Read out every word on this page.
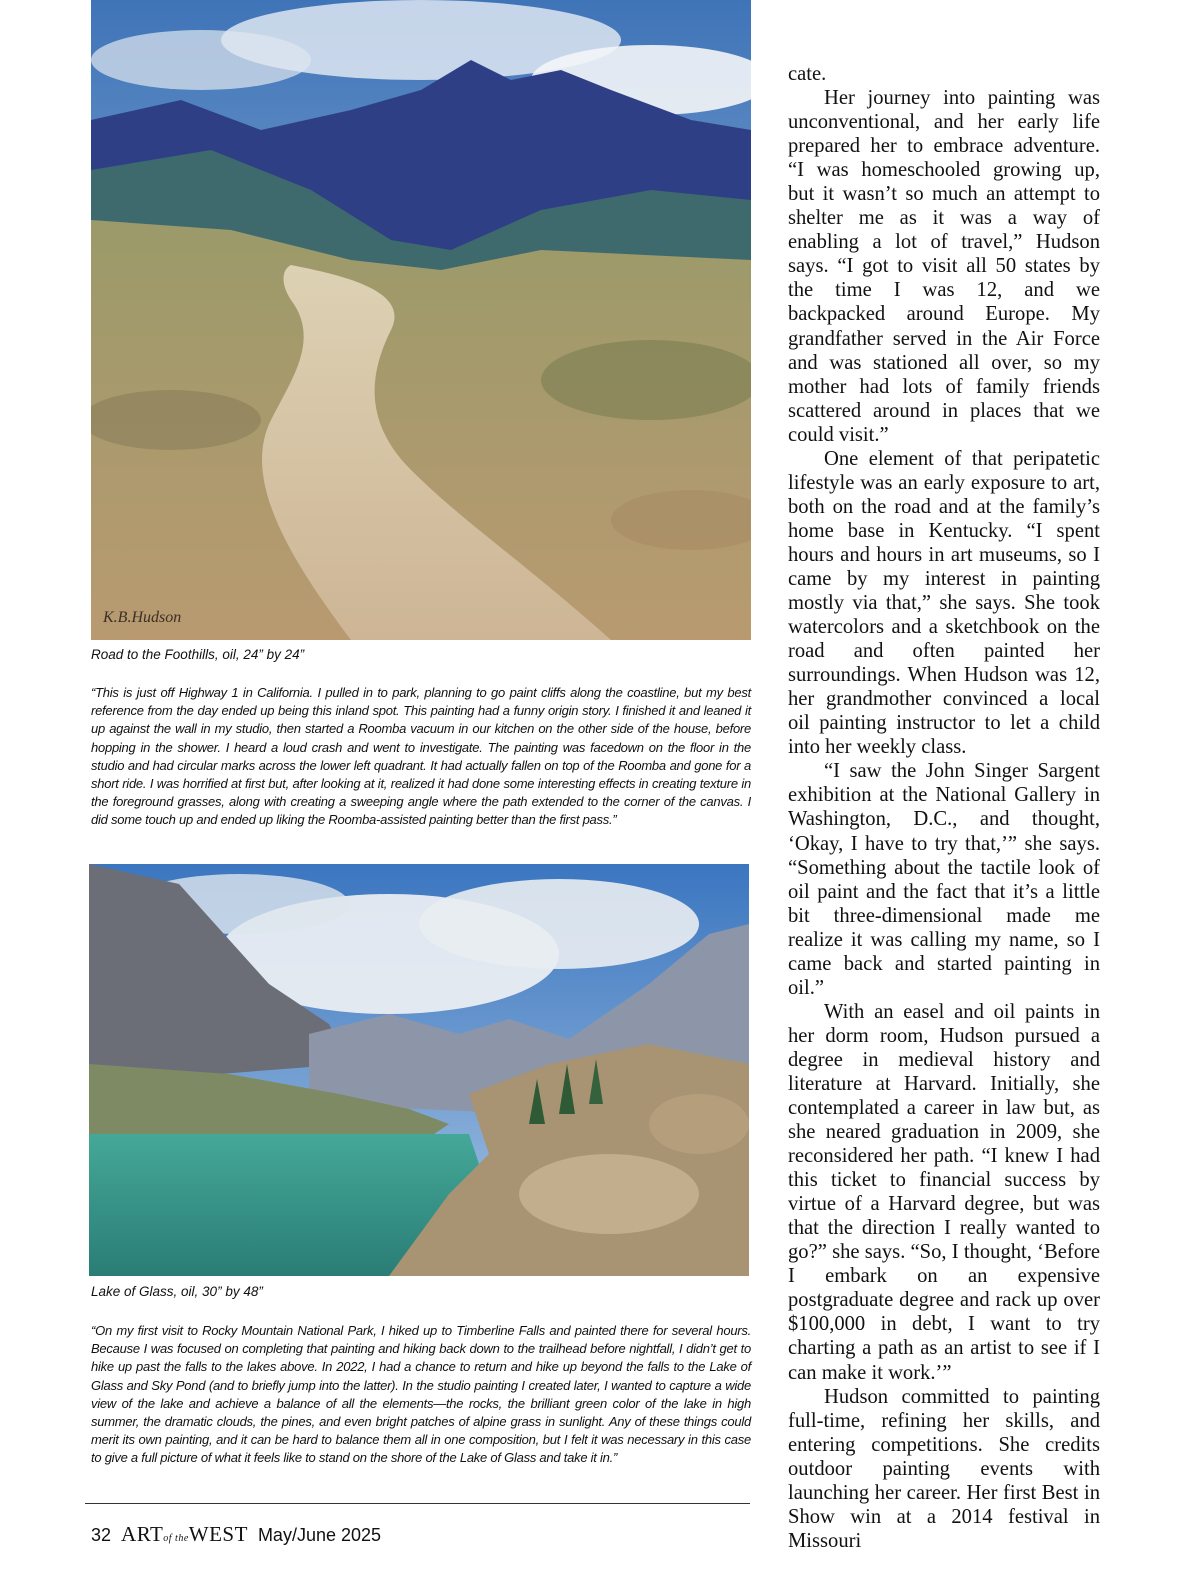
K.B.Hudson

Road to the Foothills, oil, 24” by 24”

“This is just off Highway 1 in California. I pulled in to park, planning to go paint cliffs along the coastline, but my best reference from the day ended up being this inland spot. This painting had a funny origin story. I finished it and leaned it up against the wall in my studio, then started a Roomba vacuum in our kitchen on the other side of the house, before hopping in the shower. I heard a loud crash and went to investigate. The painting was facedown on the floor in the studio and had circular marks across the lower left quadrant. It had actually fallen on top of the Roomba and gone for a short ride. I was horrified at first but, after looking at it, realized it had done some interesting effects in creating texture in the foreground grasses, along with creating a sweeping angle where the path extended to the corner of the canvas. I did some touch up and ended up liking the Roomba-assisted painting better than the first pass.”

Lake of Glass, oil, 30” by 48”

“On my first visit to Rocky Mountain National Park, I hiked up to Timberline Falls and painted there for several hours. Because I was focused on completing that painting and hiking back down to the trailhead before nightfall, I didn’t get to hike up past the falls to the lakes above. In 2022, I had a chance to return and hike up beyond the falls to the Lake of Glass and Sky Pond (and to briefly jump into the latter). In the studio painting I created later, I wanted to capture a wide view of the lake and achieve a balance of all the elements—the rocks, the brilliant green color of the lake in high summer, the dramatic clouds, the pines, and even bright patches of alpine grass in sunlight. Any of these things could merit its own painting, and it can be hard to balance them all in one composition, but I felt it was necessary in this case to give a full picture of what it feels like to stand on the shore of the Lake of Glass and take it in.”

32 ARTof theWEST May/June 2025

cate.

Her journey into painting was unconventional, and her early life prepared her to embrace adventure. “I was homeschooled growing up, but it wasn’t so much an attempt to shelter me as it was a way of enabling a lot of travel,” Hudson says. “I got to visit all 50 states by the time I was 12, and we backpacked around Europe. My grandfather served in the Air Force and was stationed all over, so my mother had lots of family friends scattered around in places that we could visit.”

One element of that peripatetic lifestyle was an early exposure to art, both on the road and at the family’s home base in Kentucky. “I spent hours and hours in art museums, so I came by my interest in painting mostly via that,” she says. She took watercolors and a sketchbook on the road and often painted her surroundings. When Hudson was 12, her grandmother convinced a local oil painting instructor to let a child into her weekly class.

“I saw the John Singer Sargent exhibition at the National Gallery in Washington, D.C., and thought, ‘Okay, I have to try that,’” she says. “Something about the tactile look of oil paint and the fact that it’s a little bit three-dimensional made me realize it was calling my name, so I came back and started painting in oil.”

With an easel and oil paints in her dorm room, Hudson pursued a degree in medieval history and literature at Harvard. Initially, she contemplated a career in law but, as she neared graduation in 2009, she reconsidered her path. “I knew I had this ticket to financial success by virtue of a Harvard degree, but was that the direction I really wanted to go?” she says. “So, I thought, ‘Before I embark on an expensive postgraduate degree and rack up over $100,000 in debt, I want to try charting a path as an artist to see if I can make it work.’”

Hudson committed to painting full-time, refining her skills, and entering competitions. She credits outdoor painting events with launching her career. Her first Best in Show win at a 2014 festival in Missouri
